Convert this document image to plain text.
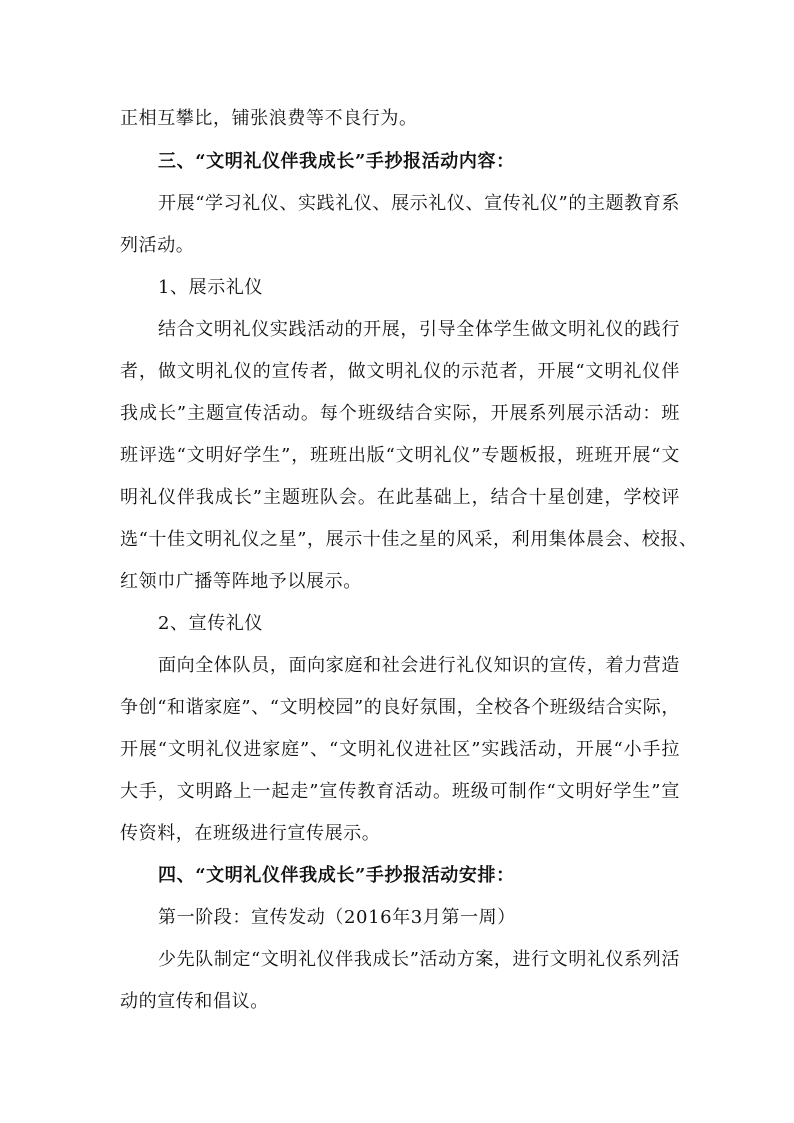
正相互攀比，铺张浪费等不良行为。
三、“文明礼仪伴我成长”手抄报活动内容：
开展“学习礼仪、实践礼仪、展示礼仪、宣传礼仪”的主题教育系
列活动。
1、展示礼仪
结合文明礼仪实践活动的开展，引导全体学生做文明礼仪的践行
者，做文明礼仪的宣传者，做文明礼仪的示范者，开展“文明礼仪伴
我成长”主题宣传活动。每个班级结合实际，开展系列展示活动：班
班评选“文明好学生”，班班出版“文明礼仪”专题板报，班班开展“文
明礼仪伴我成长”主题班队会。在此基础上，结合十星创建，学校评
选“十佳文明礼仪之星”，展示十佳之星的风采，利用集体晨会、校报、
红领巾广播等阵地予以展示。
2、宣传礼仪
面向全体队员，面向家庭和社会进行礼仪知识的宣传，着力营造
争创“和谐家庭”、“文明校园”的良好氛围，全校各个班级结合实际，
开展“文明礼仪进家庭”、“文明礼仪进社区”实践活动，开展“小手拉
大手，文明路上一起走”宣传教育活动。班级可制作“文明好学生”宣
传资料，在班级进行宣传展示。
四、“文明礼仪伴我成长”手抄报活动安排：
第一阶段：宣传发动（2016年3月第一周）
少先队制定“文明礼仪伴我成长”活动方案，进行文明礼仪系列活
动的宣传和倡议。
